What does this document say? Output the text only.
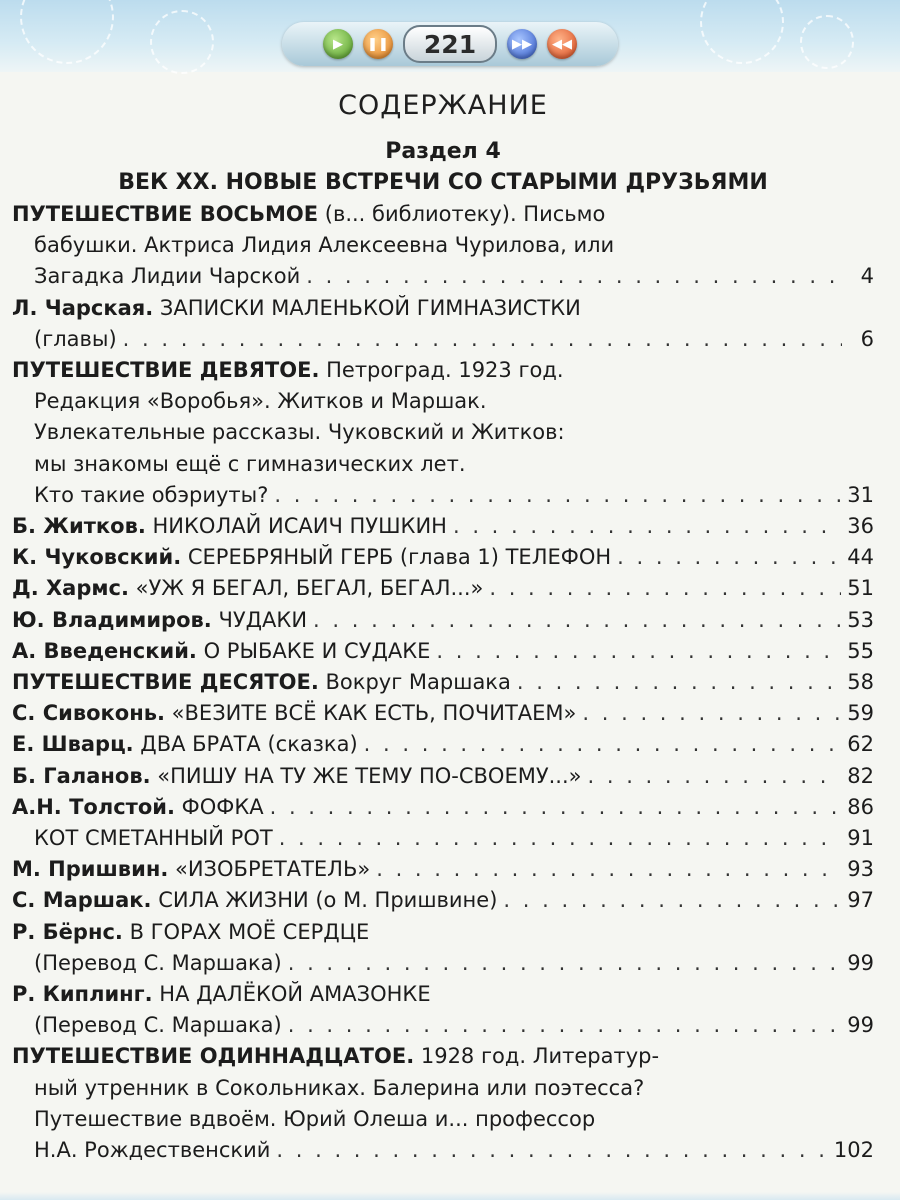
▶ ❚❚	221	▶▶ ◀◀
СОДЕРЖАНИЕ
Раздел 4
ВЕК XX. НОВЫЕ ВСТРЕЧИ СО СТАРЫМИ ДРУЗЬЯМИ
ПУТЕШЕСТВИЕ ВОСЬМОЕ (в... библиотеку). Письмо
бабушки. Актриса Лидия Алексеевна Чурилова, или
Загадка Лидии Чарской . . .	4
Л. Чарская. ЗАПИСКИ МАЛЕНЬКОЙ ГИМНАЗИСТКИ
(главы) . . .	6
ПУТЕШЕСТВИЕ ДЕВЯТОЕ. Петроград. 1923 год.
Редакция «Воробья». Житков и Маршак.
Увлекательные рассказы. Чуковский и Житков:
мы знакомы ещё с гимназических лет.
Кто такие обэриуты? . . .	31
Б. Житков. НИКОЛАЙ ИСАИЧ ПУШКИН . . .	36
К. Чуковский. СЕРЕБРЯНЫЙ ГЕРБ (глава 1) ТЕЛЕФОН . . .	44
Д. Хармс. «УЖ Я БЕГАЛ, БЕГАЛ, БЕГАЛ...» . . .	51
Ю. Владимиров. ЧУДАКИ . . .	53
А. Введенский. О РЫБАКЕ И СУДАКЕ . . .	55
ПУТЕШЕСТВИЕ ДЕСЯТОЕ. Вокруг Маршака . . .	58
С. Сивоконь. «ВЕЗИТЕ ВСЁ КАК ЕСТЬ, ПОЧИТАЕМ» . . .	59
Е. Шварц. ДВА БРАТА (сказка) . . .	62
Б. Галанов. «ПИШУ НА ТУ ЖЕ ТЕМУ ПО-СВОЕМУ...» . . .	82
А.Н. Толстой. ФОФКА . . .	86
КОТ СМЕТАННЫЙ РОТ . . .	91
М. Пришвин. «ИЗОБРЕТАТЕЛЬ» . . .	93
С. Маршак. СИЛА ЖИЗНИ (о М. Пришвине) . . .	97
Р. Бёрнс. В ГОРАХ МОЁ СЕРДЦЕ
(Перевод С. Маршака) . . .	99
Р. Киплинг. НА ДАЛЁКОЙ АМАЗОНКЕ
(Перевод С. Маршака) . . .	99
ПУТЕШЕСТВИЕ ОДИННАДЦАТОЕ. 1928 год. Литератур-
ный утренник в Сокольниках. Балерина или поэтесса?
Путешествие вдвоём. Юрий Олеша и... профессор
Н.А. Рождественский . . .	102
